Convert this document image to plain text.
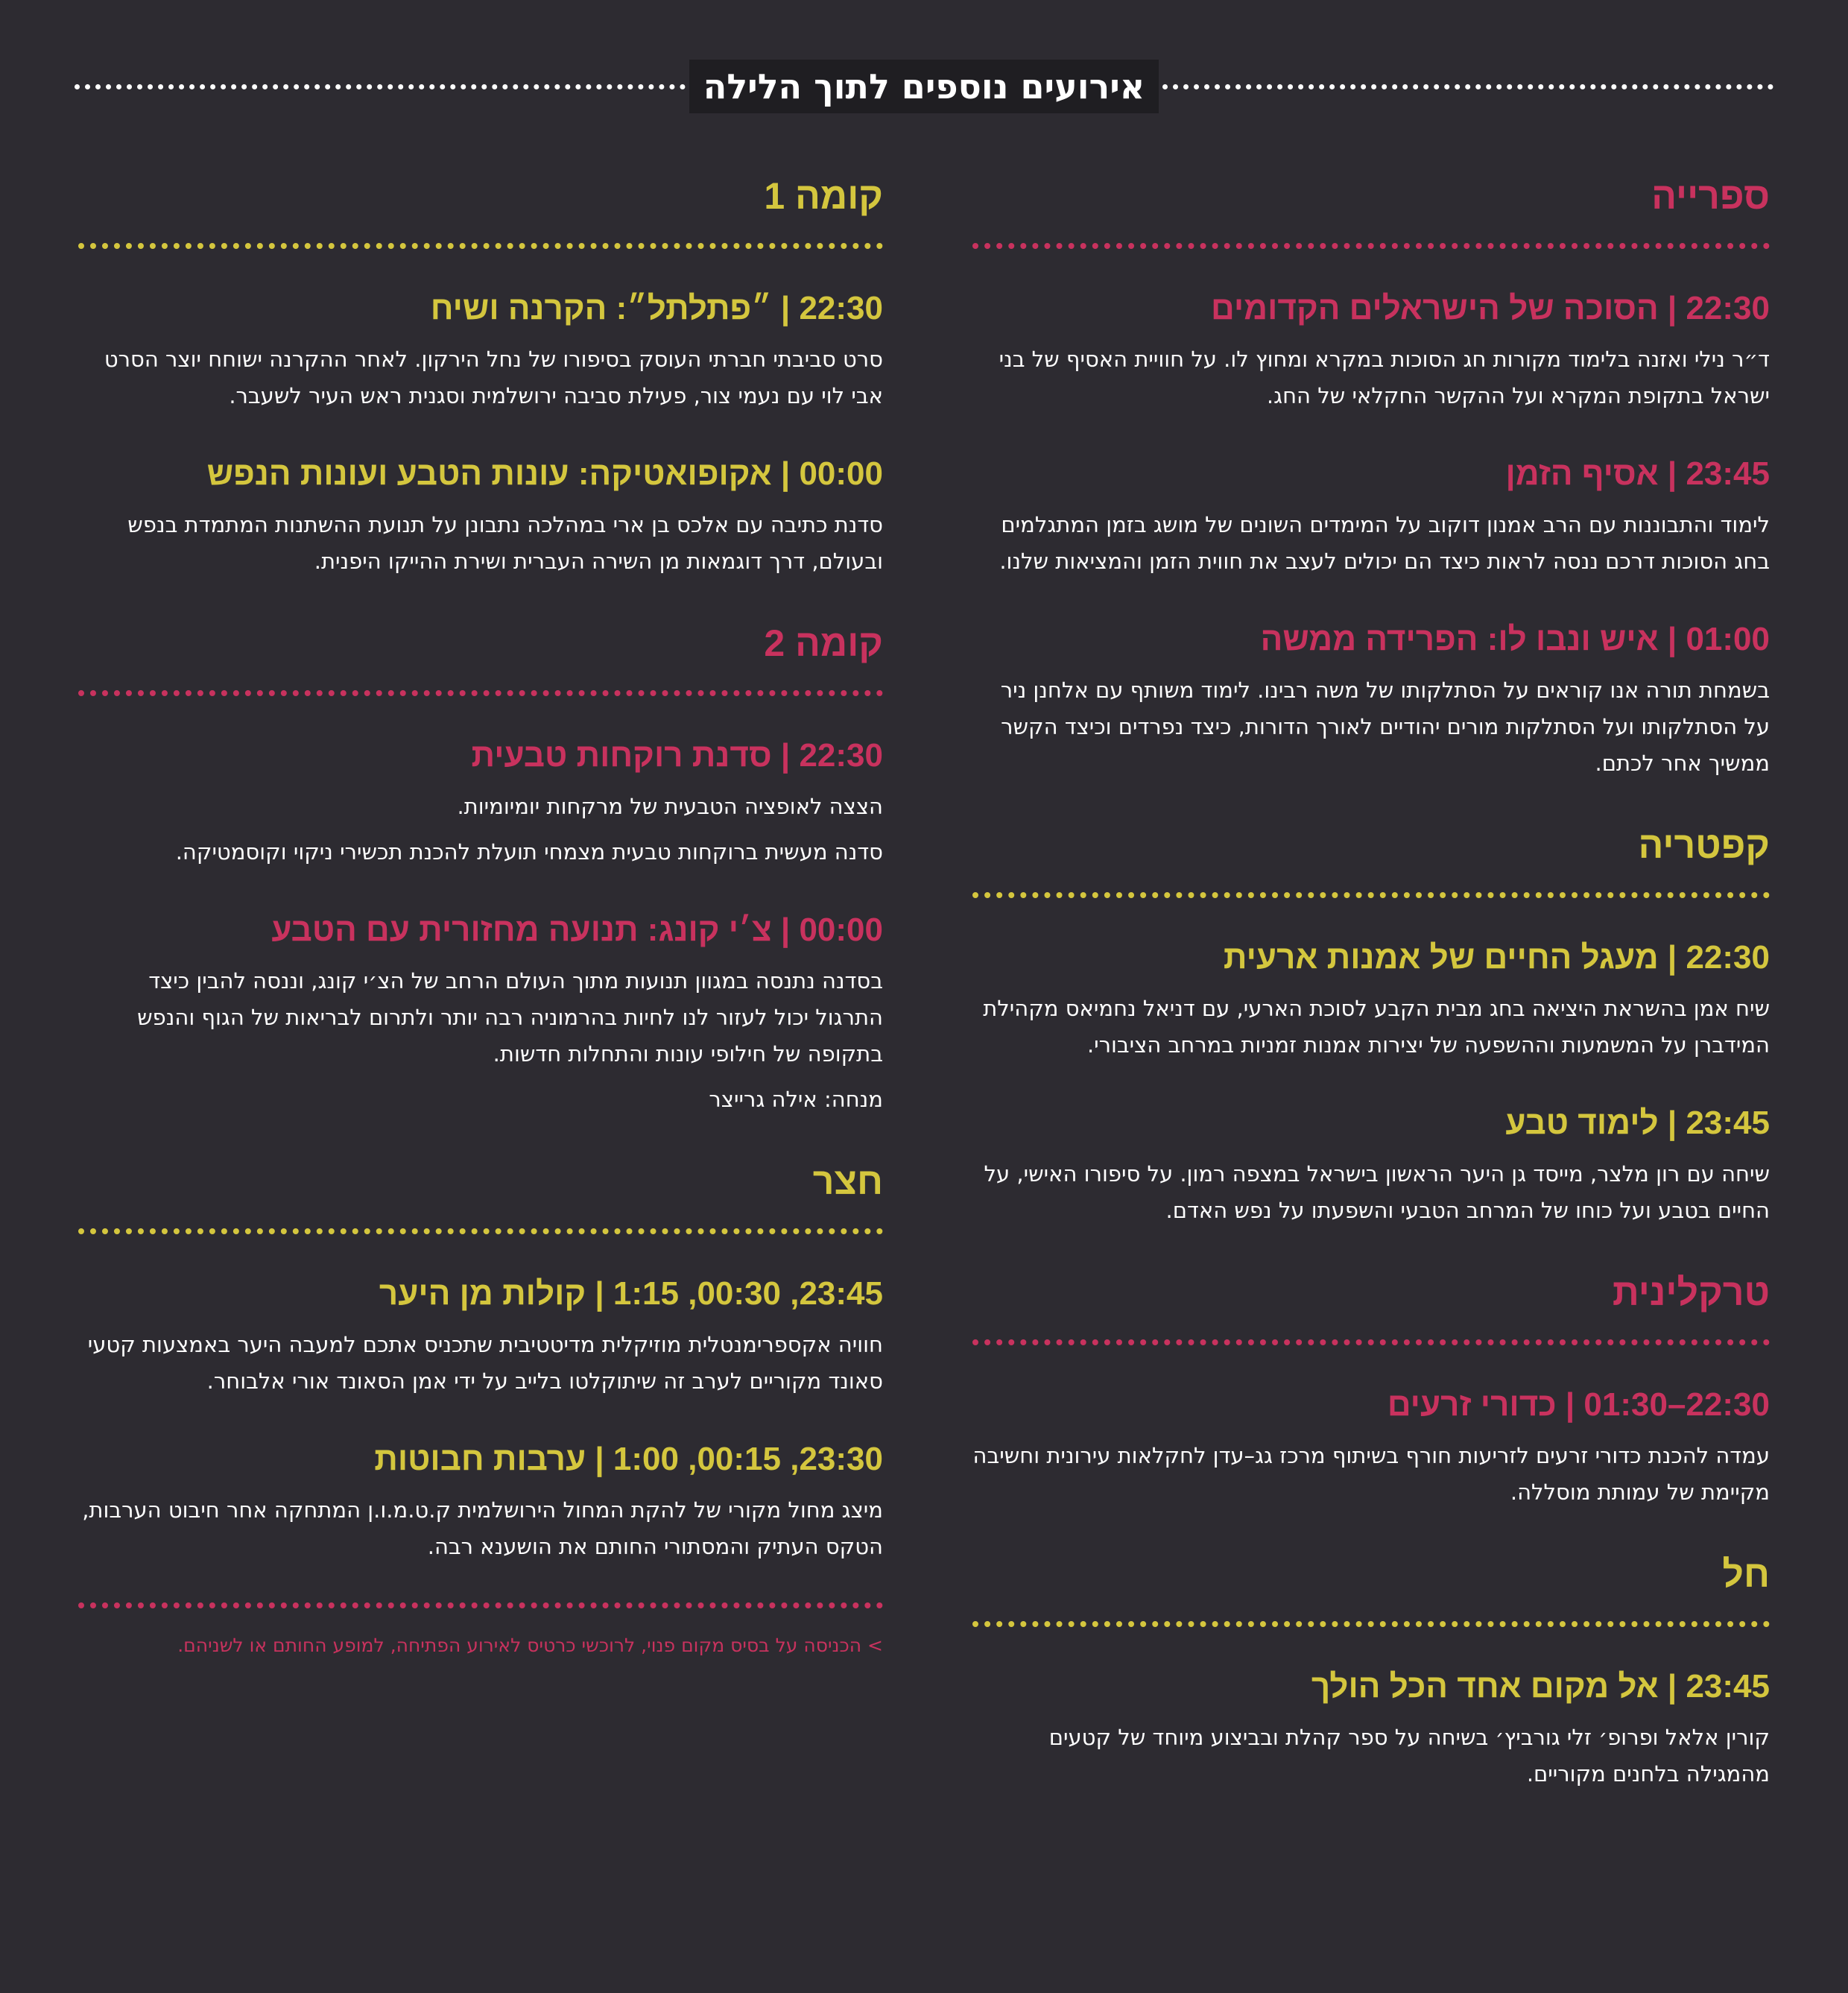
אירועים נוספים לתוך הלילה
ספרייה
22:30 | הסוכה של הישראלים הקדומים

ד״ר נילי ואזנה בלימוד מקורות חג הסוכות במקרא ומחוץ לו. על חוויית האסיף של בני ישראל בתקופת המקרא ועל ההקשר החקלאי של החג.

23:45 | אסיף הזמן

לימוד והתבוננות עם הרב אמנון דוקוב על המימדים השונים של מושג בזמן המתגלמים בחג הסוכות דרכם ננסה לראות כיצד הם יכולים לעצב את חווית הזמן והמציאות שלנו.

01:00 | איש ונבו לו: הפרידה ממשה

בשמחת תורה אנו קוראים על הסתלקותו של משה רבינו. לימוד משותף עם אלחנן ניר על הסתלקותו ועל הסתלקות מורים יהודיים לאורך הדורות, כיצד נפרדים וכיצד הקשר ממשיך אחר לכתם.

קפטריה
22:30 | מעגל החיים של אמנות ארעית

שיח אמן בהשראת היציאה בחג מבית הקבע לסוכת הארעי, עם דניאל נחמיאס מקהילת המידברן על המשמעות וההשפעה של יצירות אמנות זמניות במרחב הציבורי.

23:45 | לימוד טבע

שיחה עם רון מלצר, מייסד גן היער הראשון בישראל במצפה רמון. על סיפורו האישי, על החיים בטבע ועל כוחו של המרחב הטבעי והשפעתו על נפש האדם.

טרקלינית
22:30–01:30 | כדורי זרעים

עמדה להכנת כדורי זרעים לזריעות חורף בשיתוף מרכז גג–עדן לחקלאות עירונית וחשיבה מקיימת של עמותת מוסללה.

חל
23:45 | אל מקום אחד הכל הולך

קורין אלאל ופרופ׳ זלי גורביץ׳ בשיחה על ספר קהלת ובביצוע מיוחד של קטעים מהמגילה בלחנים מקוריים.

קומה 1
22:30 | ״פתלתל״: הקרנה ושיח

סרט סביבתי חברתי העוסק בסיפורו של נחל הירקון. לאחר ההקרנה ישוחח יוצר הסרט אבי לוי עם נעמי צור, פעילת סביבה ירושלמית וסגנית ראש העיר לשעבר.

00:00 | אקופואטיקה: עונות הטבע ועונות הנפש

סדנת כתיבה עם אלכס בן ארי במהלכה נתבונן על תנועת ההשתנות המתמדת בנפש ובעולם, דרך דוגמאות מן השירה העברית ושירת ההייקו היפנית.

קומה 2
22:30 | סדנת רוקחות טבעית

הצצה לאופציה הטבעית של מרקחות יומיומיות.

סדנה מעשית ברוקחות טבעית מצמחי תועלת להכנת תכשירי ניקוי וקוסמטיקה.

00:00 | צ׳י קונג: תנועה מחזורית עם הטבע

בסדנה נתנסה במגוון תנועות מתוך העולם הרחב של הצ׳י קונג, וננסה להבין כיצד התרגול יכול לעזור לנו לחיות בהרמוניה רבה יותר ולתרום לבריאות של הגוף והנפש בתקופה של חילופי עונות והתחלות חדשות.

מנחה: אילה גרייצר

חצר
23:45, 00:30, 1:15 | קולות מן היער

חוויה אקספרימנטלית מוזיקלית מדיטטיבית שתכניס אתכם למעבה היער באמצעות קטעי סאונד מקוריים לערב זה שיתוקלטו בלייב על ידי אמן הסאונד אורי אלבוחר.

23:30, 00:15, 1:00 | ערבות חבוטות

מיצג מחול מקורי של להקת המחול הירושלמית ק.ט.מ.ו.ן המתחקה אחר חיבוט הערבות, הטקס העתיק והמסתורי החותם את הושענא רבה.

> הכניסה על בסיס מקום פנוי, לרוכשי כרטיס לאירוע הפתיחה, למופע החותם או לשניהם.
